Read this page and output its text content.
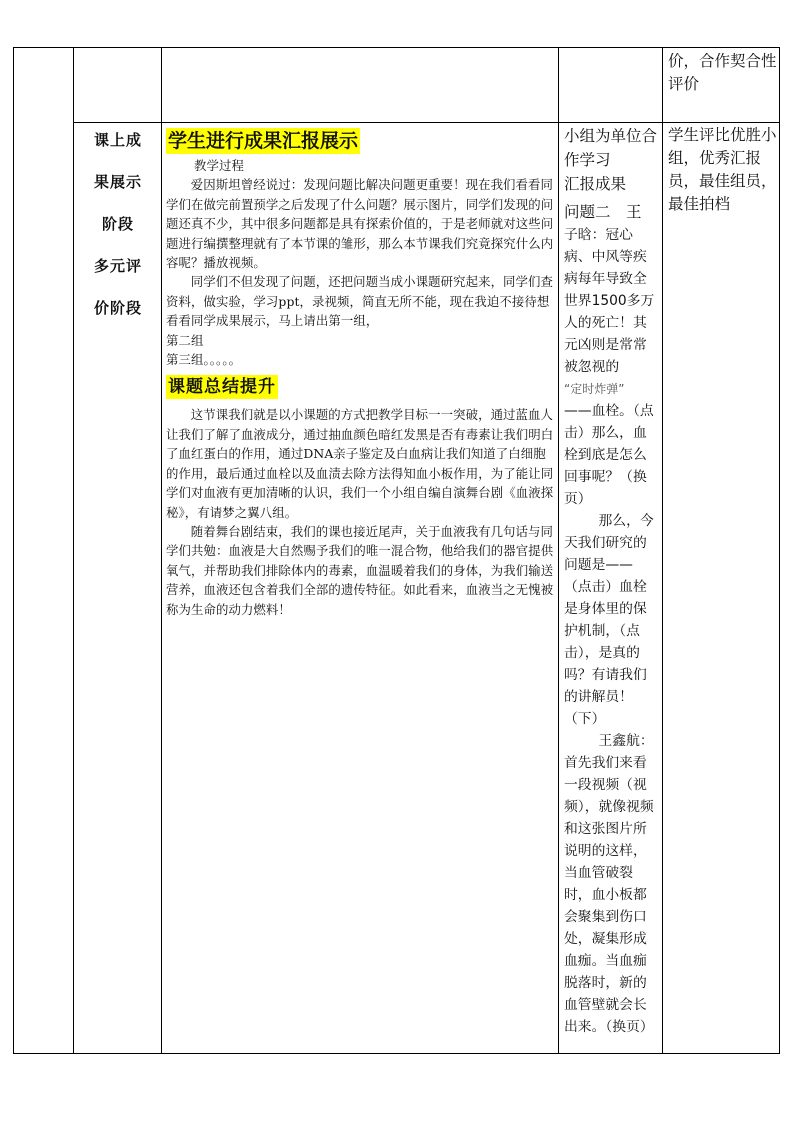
价，合作契合性评价

课上成

果展示

阶段

多元评

价阶段

学生进行成果汇报展示

教学过程

爱因斯坦曾经说过：发现问题比解决问题更重要！现在我们看看同学们在做完前置预学之后发现了什么问题？展示图片，同学们发现的问题还真不少，其中很多问题都是具有探索价值的，于是老师就对这些问题进行编撰整理就有了本节课的雏形，那么本节课我们究竟探究什么内容呢？播放视频。

同学们不但发现了问题，还把问题当成小课题研究起来，同学们查资料，做实验，学习ppt，录视频，简直无所不能，现在我迫不接待想看看同学成果展示，马上请出第一组，

第二组

第三组。。。。。

课题总结提升

这节课我们就是以小课题的方式把教学目标一一突破，通过蓝血人让我们了解了血液成分，通过抽血颜色暗红发黑是否有毒素让我们明白了血红蛋白的作用，通过DNA亲子鉴定及白血病让我们知道了白细胞的作用，最后通过血栓以及血渍去除方法得知血小板作用，为了能让同学们对血液有更加清晰的认识，我们一个小组自编自演舞台剧《血液探秘》，有请梦之翼八组。

随着舞台剧结束，我们的课也接近尾声，关于血液我有几句话与同学们共勉：血液是大自然赐予我们的唯一混合物，他给我们的器官提供氧气，并帮助我们排除体内的毒素，血温暖着我们的身体，为我们输送营养，血液还包含着我们全部的遗传特征。如此看来，血液当之无愧被称为生命的动力燃料！

小组为单位合作学习
汇报成果
问题二　王
子晗：冠心病、中风等疾病每年导致全世界1500多万人的死亡！其元凶则是常常被忽视的
“定时炸弹”
——血栓。（点击）那么，血栓到底是怎么回事呢？（换页）
那么，今天我们研究的问题是——（点击）血栓是身体里的保护机制，（点击），是真的吗？有请我们的讲解员！（下）
王鑫航：首先我们来看一段视频（视频），就像视频和这张图片所说明的这样，当血管破裂时，血小板都会聚集到伤口处，凝集形成血痂。当血痂脱落时，新的血管壁就会长出来。（换页）
学生评比优胜小组，优秀汇报员，最佳组员，最佳拍档
